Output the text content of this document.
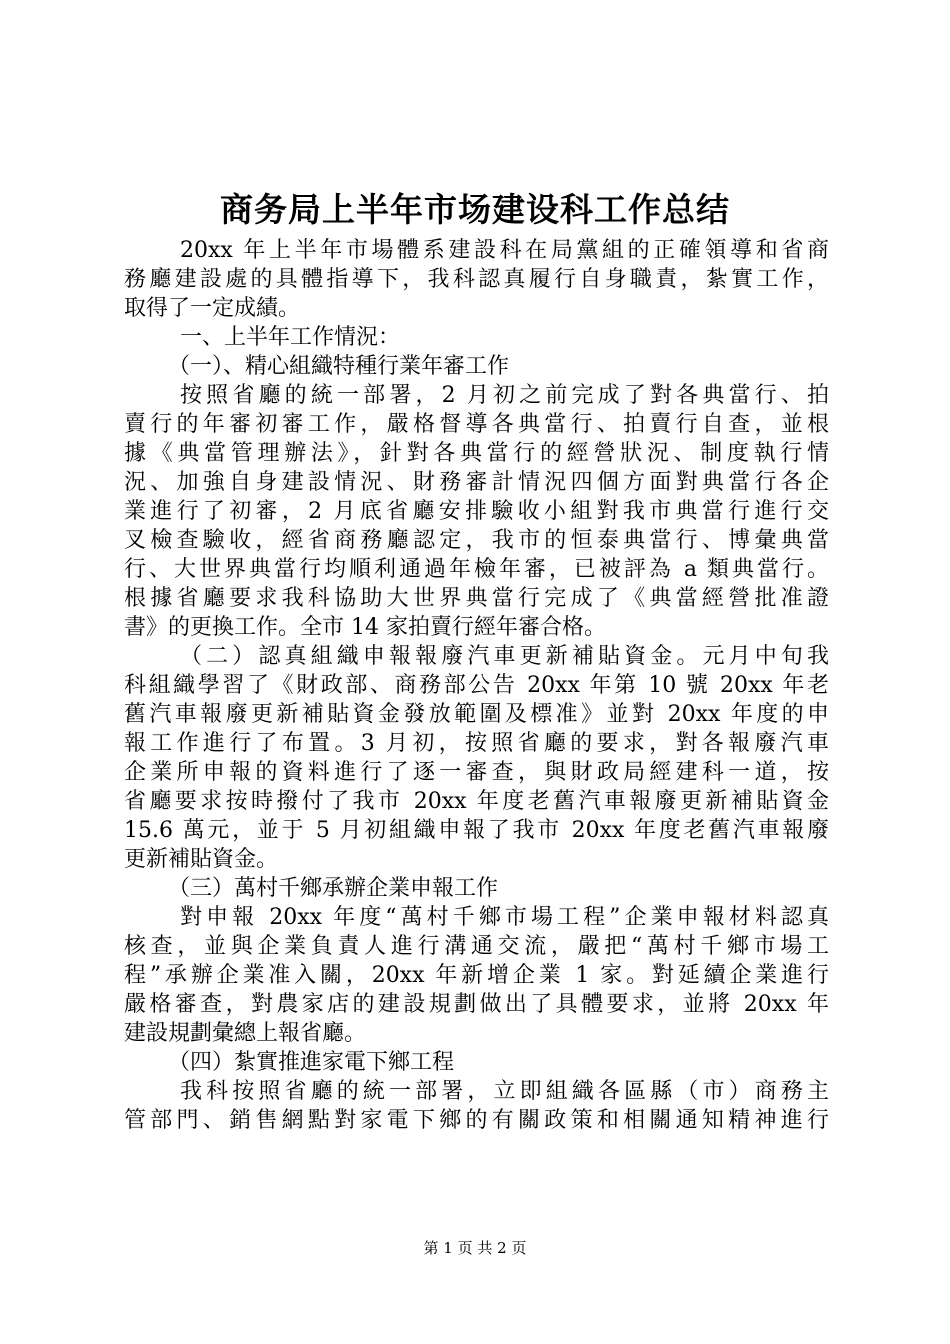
商务局上半年市场建设科工作总结
20xx 年上半年市場體系建設科在局黨組的正確領導和省商
務廳建設處的具體指導下，我科認真履行自身職責，紮實工作，
取得了一定成績。
一、上半年工作情況：
（一）、精心組織特種行業年審工作
按照省廳的統一部署，2 月初之前完成了對各典當行、拍
賣行的年審初審工作，嚴格督導各典當行、拍賣行自查，並根
據《典當管理辦法》，針對各典當行的經營狀況、制度執行情
況、加強自身建設情況、財務審計情況四個方面對典當行各企
業進行了初審，2 月底省廳安排驗收小組對我市典當行進行交
叉檢查驗收，經省商務廳認定，我市的恒泰典當行、博彙典當
行、大世界典當行均順利通過年檢年審，已被評為 a 類典當行。
根據省廳要求我科協助大世界典當行完成了《典當經營批准證
書》的更換工作。全市 14 家拍賣行經年審合格。
（二）認真組織申報報廢汽車更新補貼資金。元月中旬我
科組織學習了《財政部、商務部公告 20xx 年第 10 號 20xx 年老
舊汽車報廢更新補貼資金發放範圍及標准》並對 20xx 年度的申
報工作進行了布置。3 月初，按照省廳的要求，對各報廢汽車
企業所申報的資料進行了逐一審查，與財政局經建科一道，按
省廳要求按時撥付了我市 20xx 年度老舊汽車報廢更新補貼資金
15.6 萬元，並于 5 月初組織申報了我市 20xx 年度老舊汽車報廢
更新補貼資金。
（三）萬村千鄉承辦企業申報工作
對申報 20xx 年度“萬村千鄉市場工程”企業申報材料認真
核查，並與企業負責人進行溝通交流，嚴把“萬村千鄉市場工
程”承辦企業准入關，20xx 年新增企業 1 家。對延續企業進行
嚴格審查，對農家店的建設規劃做出了具體要求，並將 20xx 年
建設規劃彙總上報省廳。
（四）紮實推進家電下鄉工程
我科按照省廳的統一部署，立即組織各區縣（市）商務主
管部門、銷售網點對家電下鄉的有關政策和相關通知精神進行
第 1 页 共 2 页
